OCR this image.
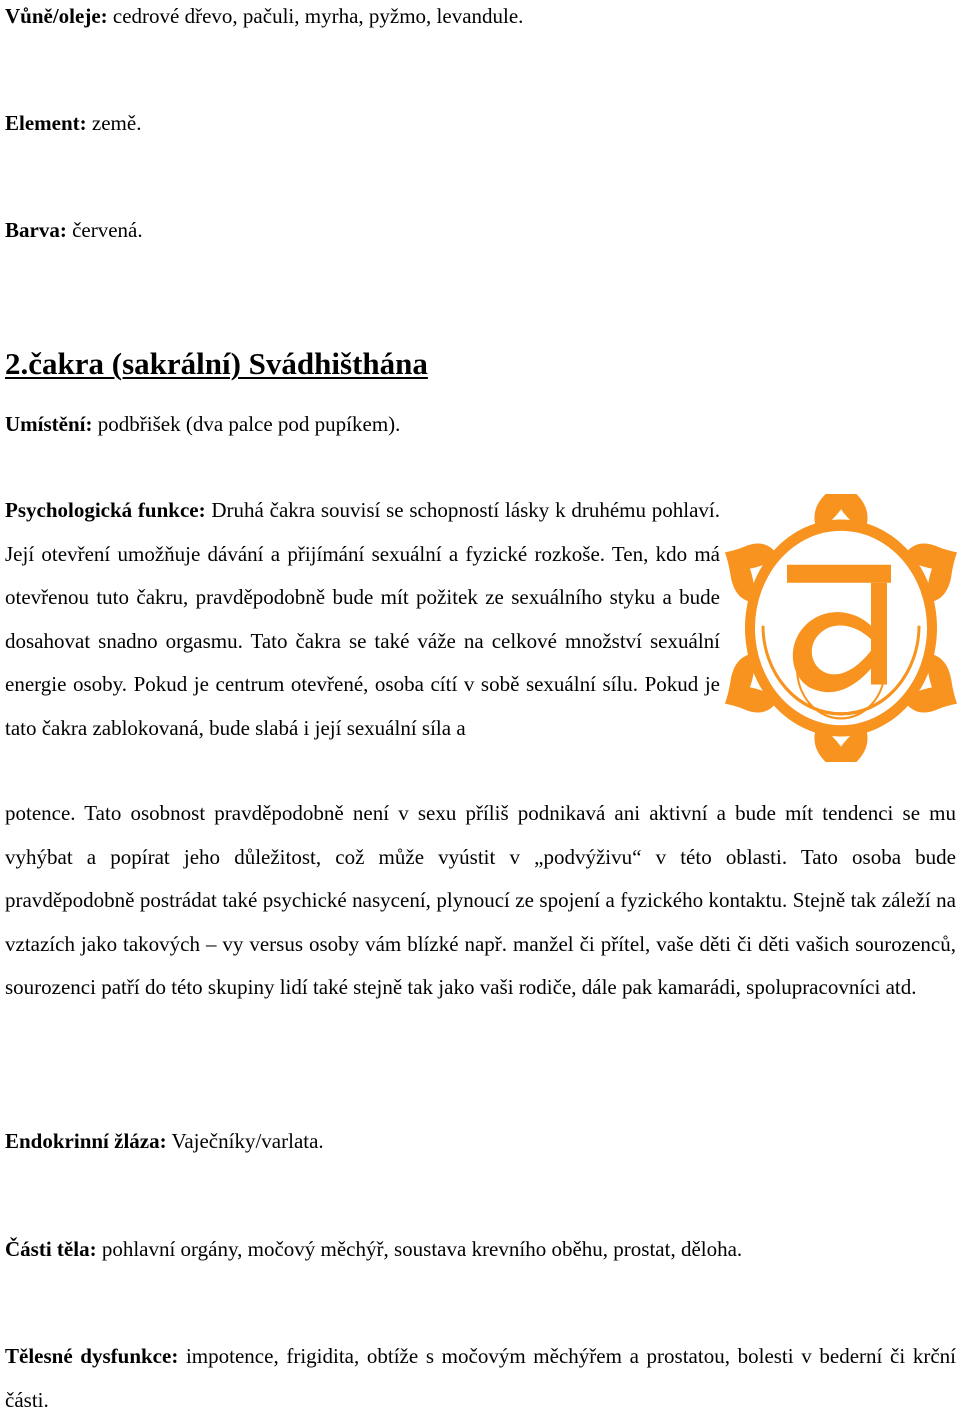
Vůně/oleje: cedrové dřevo, pačuli, myrha, pyžmo, levandule.

Element: země.

Barva: červená.

2.čakra (sakrální) Svádhišthána

Umístění: podbřišek (dva palce pod pupíkem).

Psychologická funkce: Druhá čakra souvisí se schopností lásky k druhému pohlaví. Její otevření umožňuje dávání a přijímání sexuální a fyzické rozkoše. Ten, kdo má otevřenou tuto čakru, pravděpodobně bude mít požitek ze sexuálního styku a bude dosahovat snadno orgasmu. Tato čakra se také váže na celkové množství sexuální energie osoby. Pokud je centrum otevřené, osoba cítí v sobě sexuální sílu. Pokud je tato čakra zablokovaná, bude slabá i její sexuální síla a

potence. Tato osobnost pravděpodobně není v sexu příliš podnikavá ani aktivní a bude mít tendenci se mu vyhýbat a popírat jeho důležitost, což může vyústit v „podvýživu“ v této oblasti. Tato osoba bude pravděpodobně postrádat také psychické nasycení, plynoucí ze spojení a fyzického kontaktu. Stejně tak záleží na vztazích jako takových – vy versus osoby vám blízké např. manžel či přítel, vaše děti či děti vašich sourozenců, sourozenci patří do této skupiny lidí také stejně tak jako vaši rodiče, dále pak kamarádi, spolupracovníci atd.

Endokrinní žláza: Vaječníky/varlata.

Části těla: pohlavní orgány, močový měchýř, soustava krevního oběhu, prostat, děloha.

Tělesné dysfunkce: impotence, frigidita, obtíže s močovým měchýřem a prostatou, bolesti v bederní či krční části.
